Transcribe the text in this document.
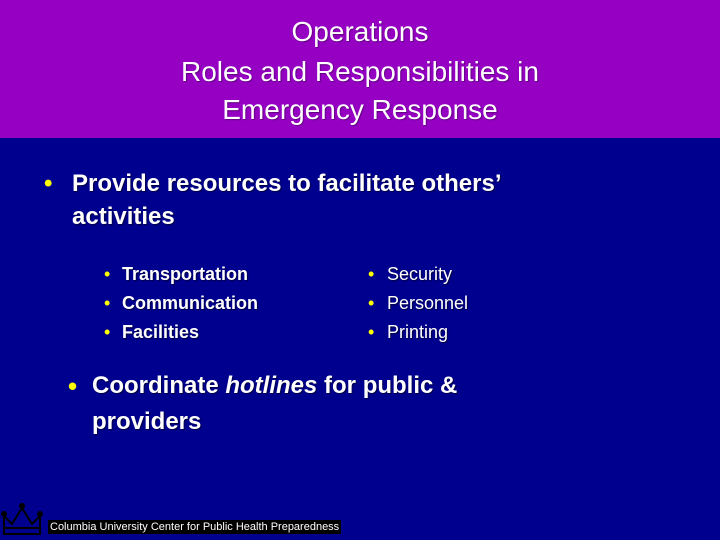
Operations
Roles and Responsibilities in
Emergency Response
• Provide resources to facilitate others’
activities
• Transportation
• Communication
• Facilities
• Security
• Personnel
• Printing
• Coordinate hotlines for public &
providers
Columbia University Center for Public Health Preparedness
